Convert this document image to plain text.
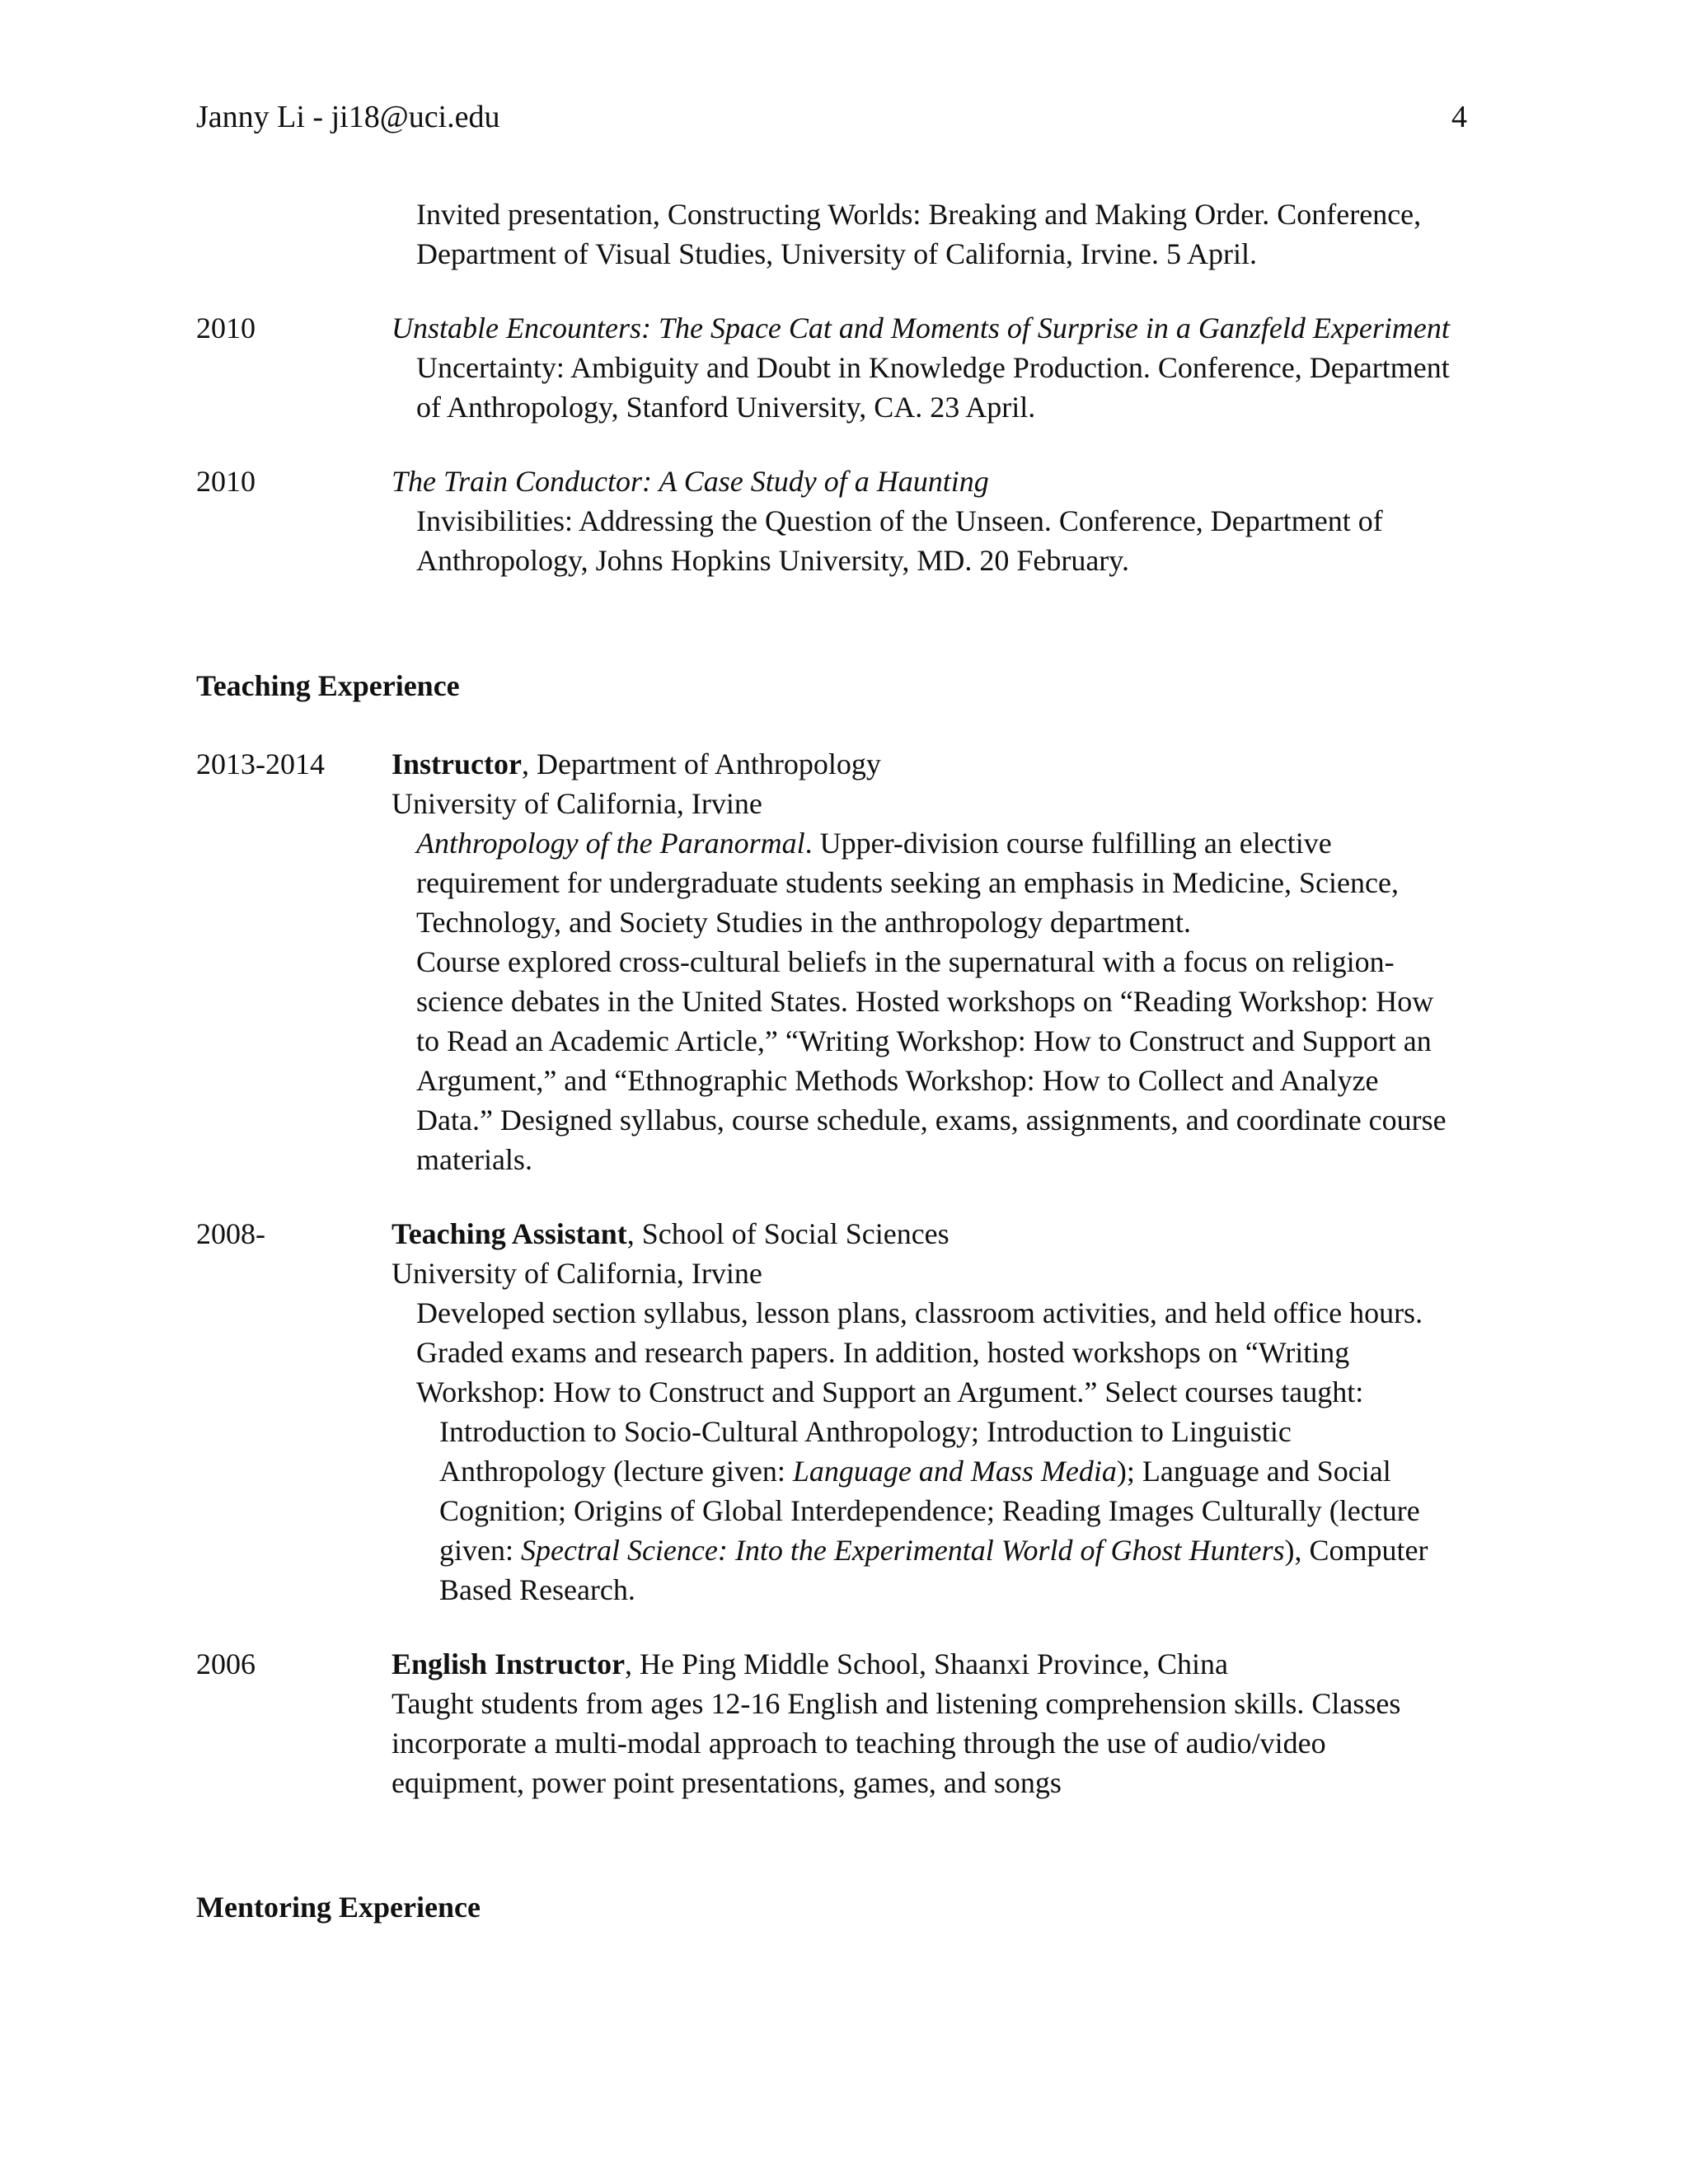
Janny Li - ji18@uci.edu	4
Invited presentation, Constructing Worlds: Breaking and Making Order. Conference,
Department of Visual Studies, University of California, Irvine. 5 April.
2010	Unstable Encounters: The Space Cat and Moments of Surprise in a Ganzfeld Experiment
Uncertainty: Ambiguity and Doubt in Knowledge Production. Conference, Department
of Anthropology, Stanford University, CA. 23 April.
2010	The Train Conductor: A Case Study of a Haunting
Invisibilities: Addressing the Question of the Unseen. Conference, Department of
Anthropology, Johns Hopkins University, MD. 20 February.
Teaching Experience
2013-2014 Instructor, Department of Anthropology
University of California, Irvine
Anthropology of the Paranormal. Upper-division course fulfilling an elective
requirement for undergraduate students seeking an emphasis in Medicine, Science,
Technology, and Society Studies in the anthropology department.
Course explored cross-cultural beliefs in the supernatural with a focus on religion-
science debates in the United States. Hosted workshops on “Reading Workshop: How
to Read an Academic Article,” “Writing Workshop: How to Construct and Support an
Argument,” and “Ethnographic Methods Workshop: How to Collect and Analyze
Data.” Designed syllabus, course schedule, exams, assignments, and coordinate course
materials.
2008-	Teaching Assistant, School of Social Sciences
University of California, Irvine
Developed section syllabus, lesson plans, classroom activities, and held office hours.
Graded exams and research papers. In addition, hosted workshops on “Writing
Workshop: How to Construct and Support an Argument.” Select courses taught:
Introduction to Socio-Cultural Anthropology; Introduction to Linguistic
Anthropology (lecture given: Language and Mass Media); Language and Social
Cognition; Origins of Global Interdependence; Reading Images Culturally (lecture
given: Spectral Science: Into the Experimental World of Ghost Hunters), Computer
Based Research.
2006	English Instructor, He Ping Middle School, Shaanxi Province, China
Taught students from ages 12-16 English and listening comprehension skills. Classes
incorporate a multi-modal approach to teaching through the use of audio/video
equipment, power point presentations, games, and songs
Mentoring Experience
